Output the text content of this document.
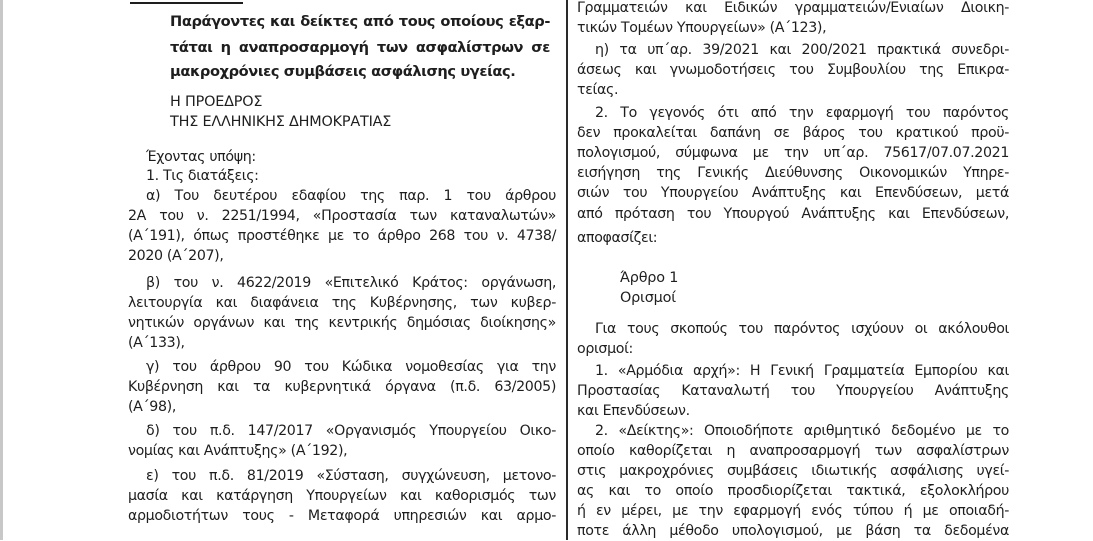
Παράγοντες και δείκτες από τους οποίους εξαρ-
τάται η αναπροσαρμογή των ασφαλίστρων σε
μακροχρόνιες συμβάσεις ασφάλισης υγείας.
Η ΠΡΟΕΔΡΟΣ
ΤΗΣ ΕΛΛΗΝΙΚΗΣ ΔΗΜΟΚΡΑΤΙΑΣ
Έχοντας υπόψη:
1. Τις διατάξεις:
α) Του δευτέρου εδαφίου της παρ. 1 του άρθρου
2Α του ν. 2251/1994, «Προστασία των καταναλωτών»
(Α΄191), όπως προστέθηκε με το άρθρο 268 του ν. 4738/
2020 (Α΄207),
β) του ν. 4622/2019 «Επιτελικό Κράτος: οργάνωση,
λειτουργία και διαφάνεια της Κυβέρνησης, των κυβερ-
νητικών οργάνων και της κεντρικής δημόσιας διοίκησης»
(Α΄133),
γ) του άρθρου 90 του Κώδικα νομοθεσίας για την
Κυβέρνηση και τα κυβερνητικά όργανα (π.δ. 63/2005)
(Α΄98),
δ) του π.δ. 147/2017 «Οργανισμός Υπουργείου Οικο-
νομίας και Ανάπτυξης» (Α΄192),
ε) του π.δ. 81/2019 «Σύσταση, συγχώνευση, μετονο-
μασία και κατάργηση Υπουργείων και καθορισμός των
αρμοδιοτήτων τους - Μεταφορά υπηρεσιών και αρμο-
Γραμματειών και Ειδικών γραμματειών/Ενιαίων Διοικη-
τικών Τομέων Υπουργείων» (Α΄123),
η) τα υπ΄αρ. 39/2021 και 200/2021 πρακτικά συνεδρι-
άσεως και γνωμοδοτήσεις του Συμβουλίου της Επικρα-
τείας.
2. Το γεγονός ότι από την εφαρμογή του παρόντος
δεν προκαλείται δαπάνη σε βάρος του κρατικού προϋ-
πολογισμού, σύμφωνα με την υπ΄αρ. 75617/07.07.2021
εισήγηση της Γενικής Διεύθυνσης Οικονομικών Υπηρε-
σιών του Υπουργείου Ανάπτυξης και Επενδύσεων, μετά
από πρόταση του Υπουργού Ανάπτυξης και Επενδύσεων,
αποφασίζει:
Άρθρο 1
Ορισμοί
Για τους σκοπούς του παρόντος ισχύουν οι ακόλουθοι
ορισμοί:
1. «Αρμόδια αρχή»: Η Γενική Γραμματεία Εμπορίου και
Προστασίας Καταναλωτή του Υπουργείου Ανάπτυξης
και Επενδύσεων.
2. «Δείκτης»: Οποιοδήποτε αριθμητικό δεδομένο με το
οποίο καθορίζεται η αναπροσαρμογή των ασφαλίστρων
στις μακροχρόνιες συμβάσεις ιδιωτικής ασφάλισης υγεί-
ας και το οποίο προσδιορίζεται τακτικά, εξολοκλήρου
ή εν μέρει, με την εφαρμογή ενός τύπου ή με οποιαδή-
ποτε άλλη μέθοδο υπολογισμού, με βάση τα δεδομένα
